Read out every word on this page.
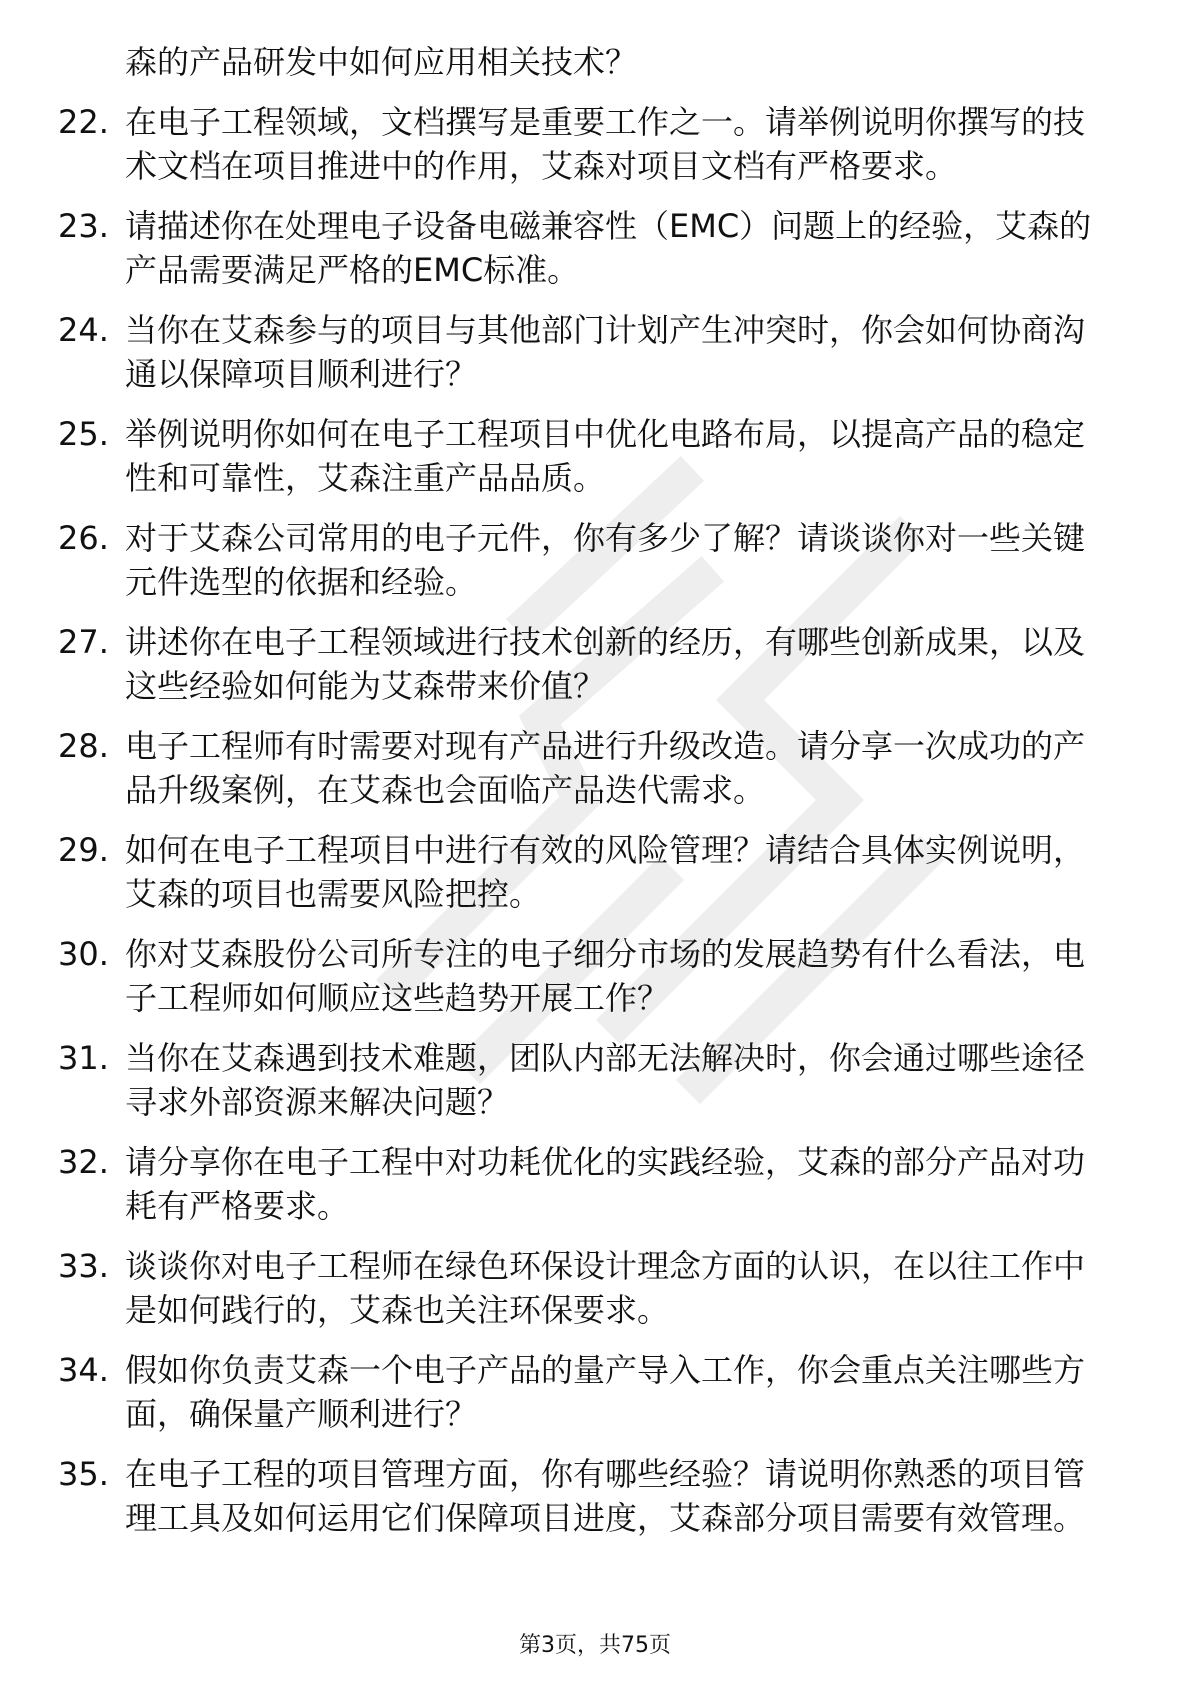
森的产品研发中如何应用相关技术？
22. 在电子工程领域，文档撰写是重要工作之一。请举例说明你撰写的技术文档在项目推进中的作用，艾森对项目文档有严格要求。
23. 请描述你在处理电子设备电磁兼容性（EMC）问题上的经验，艾森的产品需要满足严格的EMC标准。
24. 当你在艾森参与的项目与其他部门计划产生冲突时，你会如何协商沟通以保障项目顺利进行？
25. 举例说明你如何在电子工程项目中优化电路布局，以提高产品的稳定性和可靠性，艾森注重产品品质。
26. 对于艾森公司常用的电子元件，你有多少了解？请谈谈你对一些关键元件选型的依据和经验。
27. 讲述你在电子工程领域进行技术创新的经历，有哪些创新成果，以及这些经验如何能为艾森带来价值？
28. 电子工程师有时需要对现有产品进行升级改造。请分享一次成功的产品升级案例，在艾森也会面临产品迭代需求。
29. 如何在电子工程项目中进行有效的风险管理？请结合具体实例说明，艾森的项目也需要风险把控。
30. 你对艾森股份公司所专注的电子细分市场的发展趋势有什么看法，电子工程师如何顺应这些趋势开展工作？
31. 当你在艾森遇到技术难题，团队内部无法解决时，你会通过哪些途径寻求外部资源来解决问题？
32. 请分享你在电子工程中对功耗优化的实践经验，艾森的部分产品对功耗有严格要求。
33. 谈谈你对电子工程师在绿色环保设计理念方面的认识，在以往工作中是如何践行的，艾森也关注环保要求。
34. 假如你负责艾森一个电子产品的量产导入工作，你会重点关注哪些方面，确保量产顺利进行？
35. 在电子工程的项目管理方面，你有哪些经验？请说明你熟悉的项目管理工具及如何运用它们保障项目进度，艾森部分项目需要有效管理。
第3页，共75页
